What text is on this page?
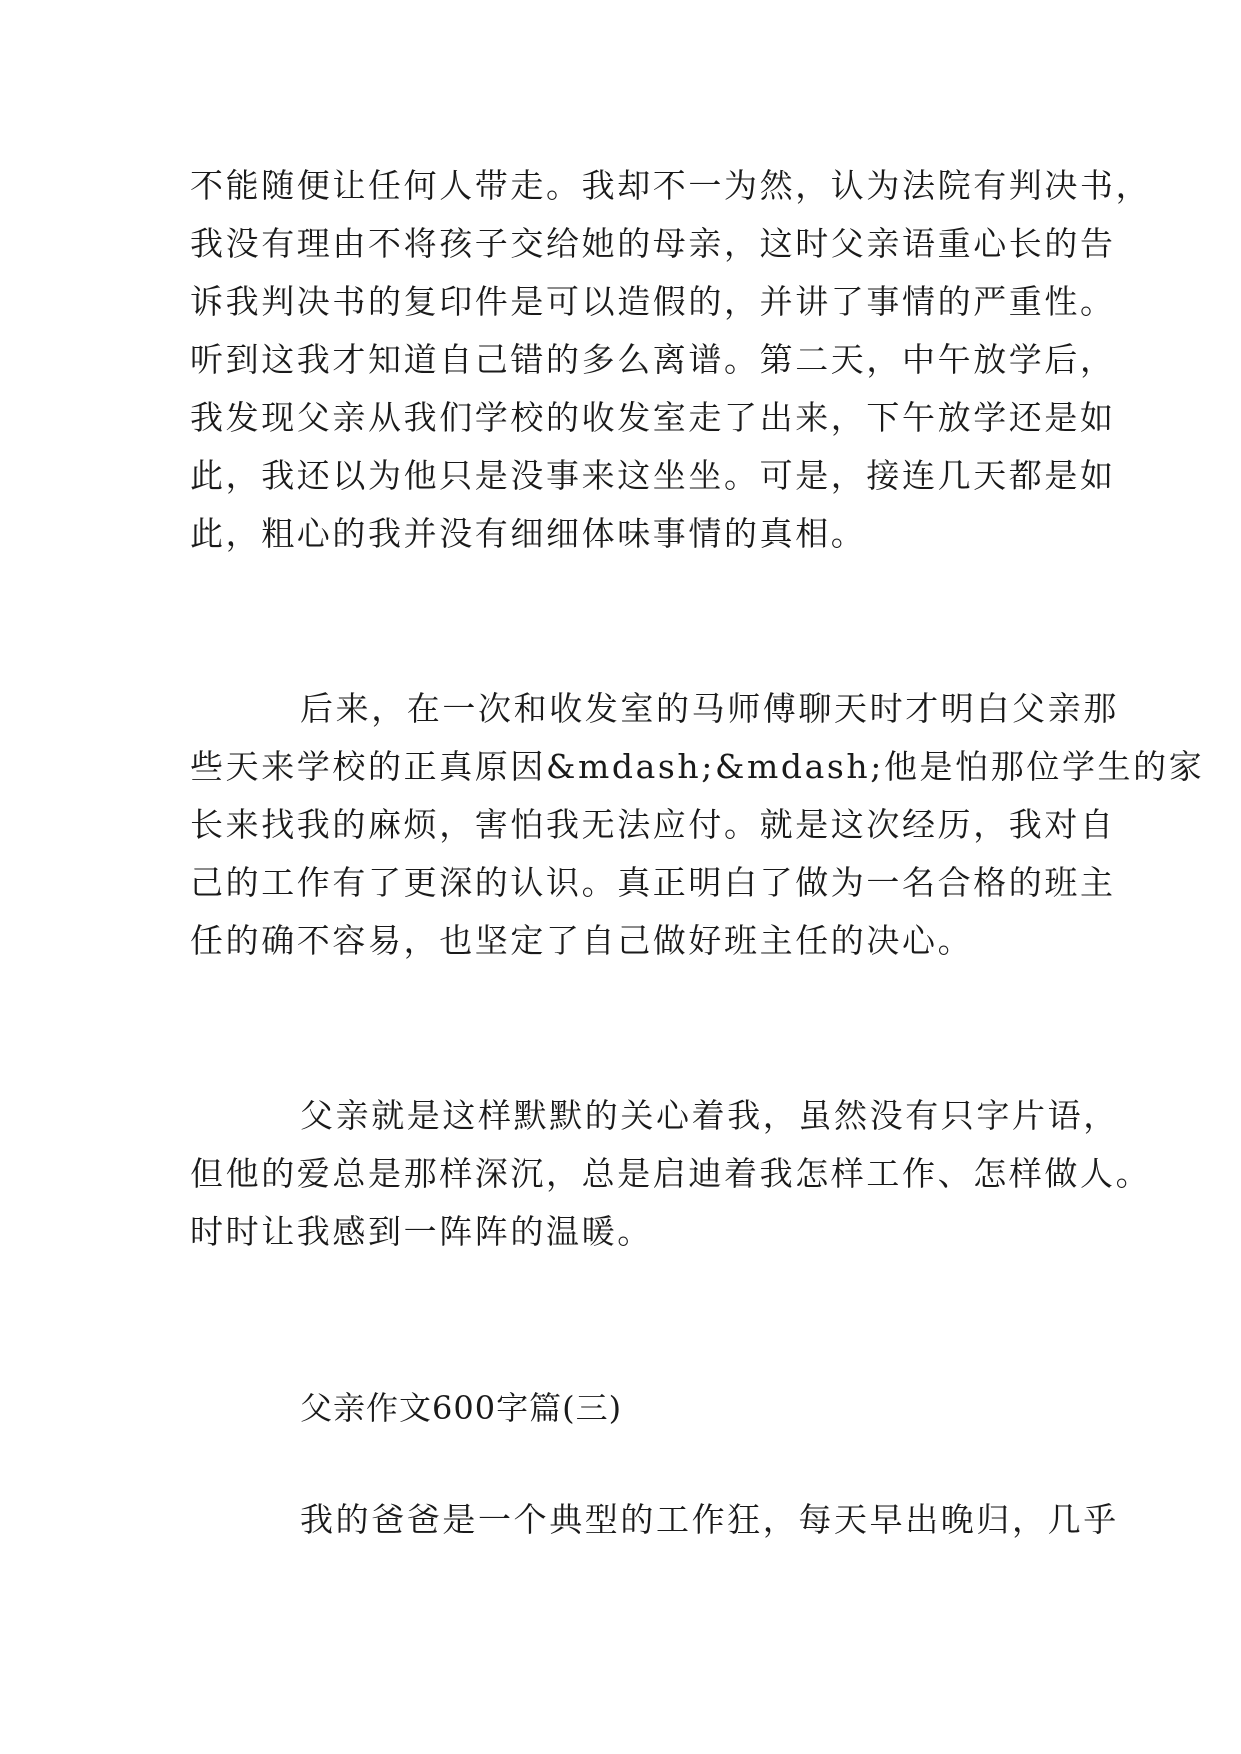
不能随便让任何人带走。我却不一为然，认为法院有判决书，
我没有理由不将孩子交给她的母亲，这时父亲语重心长的告
诉我判决书的复印件是可以造假的，并讲了事情的严重性。
听到这我才知道自己错的多么离谱。第二天，中午放学后，
我发现父亲从我们学校的收发室走了出来，下午放学还是如
此，我还以为他只是没事来这坐坐。可是，接连几天都是如
此，粗心的我并没有细细体味事情的真相。
后来，在一次和收发室的马师傅聊天时才明白父亲那
些天来学校的正真原因&mdash;&mdash;他是怕那位学生的家
长来找我的麻烦，害怕我无法应付。就是这次经历，我对自
己的工作有了更深的认识。真正明白了做为一名合格的班主
任的确不容易，也坚定了自己做好班主任的决心。
父亲就是这样默默的关心着我，虽然没有只字片语，
但他的爱总是那样深沉，总是启迪着我怎样工作、怎样做人。
时时让我感到一阵阵的温暖。
父亲作文600字篇(三)
我的爸爸是一个典型的工作狂，每天早出晚归，几乎
